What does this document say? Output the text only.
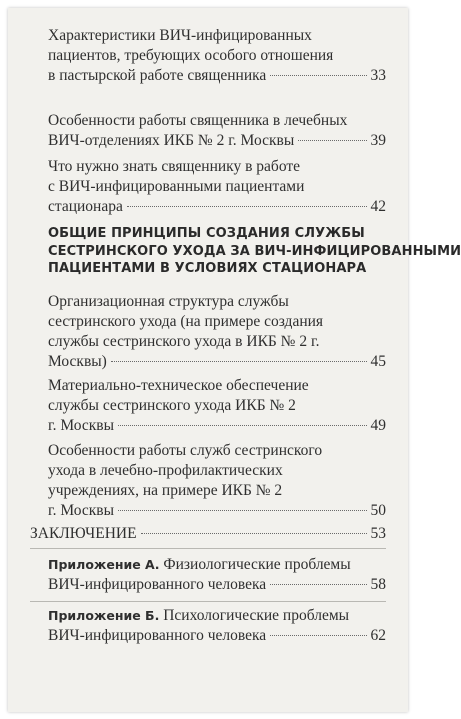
Характеристики ВИЧ-инфицированных
пациентов, требующих особого отношения
в пастырской работе священника	33
Особенности работы священника в лечебных
ВИЧ-отделениях ИКБ № 2 г. Москвы	39
Что нужно знать священнику в работе
с ВИЧ-инфицированными пациентами
стационара	42
ОБЩИЕ ПРИНЦИПЫ СОЗДАНИЯ СЛУЖБЫ
СЕСТРИНСКОГО УХОДА ЗА ВИЧ-ИНФИЦИРОВАННЫМИ
ПАЦИЕНТАМИ В УСЛОВИЯХ СТАЦИОНАРА
Организационная структура службы
сестринского ухода (на примере создания
службы сестринского ухода в ИКБ № 2 г.
Москвы)	45
Материально-техническое обеспечение
службы сестринского ухода ИКБ № 2
г. Москвы	49
Особенности работы служб сестринского
ухода в лечебно-профилактических
учреждениях, на примере ИКБ № 2
г. Москвы	50
ЗАКЛЮЧЕНИЕ	53
Приложение А. Физиологические проблемы
ВИЧ-инфицированного человека	58
Приложение Б. Психологические проблемы
ВИЧ-инфицированного человека	62
